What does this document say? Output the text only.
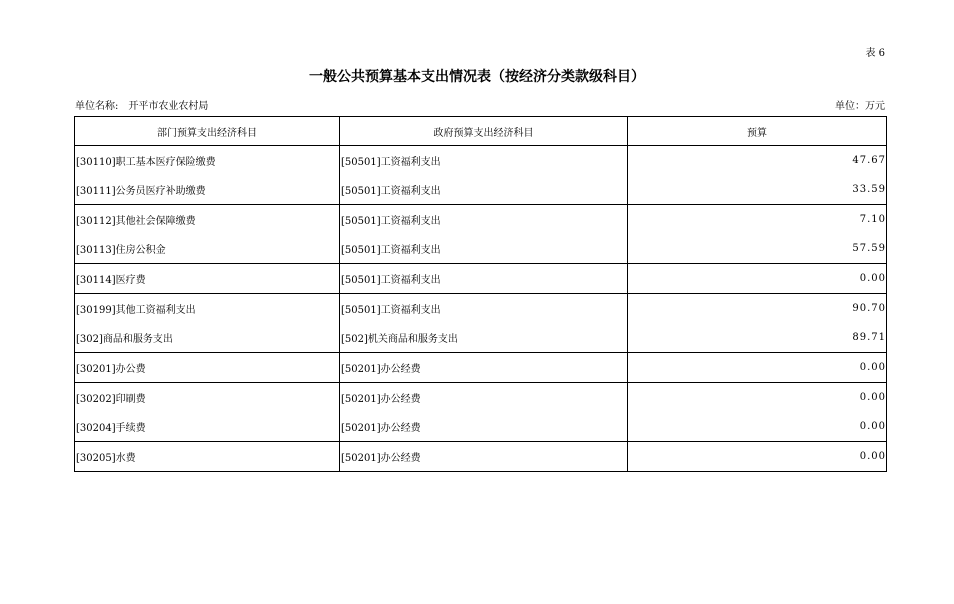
表 6
一般公共预算基本支出情况表（按经济分类款级科目）
单位名称: 开平市农业农村局	单位：万元
部门预算支出经济科目	政府预算支出经济科目	预算
[30110]职工基本医疗保险缴费	[50501]工资福利支出	47.67
[30111]公务员医疗补助缴费	[50501]工资福利支出	33.59
[30112]其他社会保障缴费	[50501]工资福利支出	7.10
[30113]住房公积金	[50501]工资福利支出	57.59
[30114]医疗费	[50501]工资福利支出	0.00
[30199]其他工资福利支出	[50501]工资福利支出	90.70
[302]商品和服务支出	[502]机关商品和服务支出	89.71
[30201]办公费	[50201]办公经费	0.00
[30202]印刷费	[50201]办公经费	0.00
[30204]手续费	[50201]办公经费	0.00
[30205]水费	[50201]办公经费	0.00
